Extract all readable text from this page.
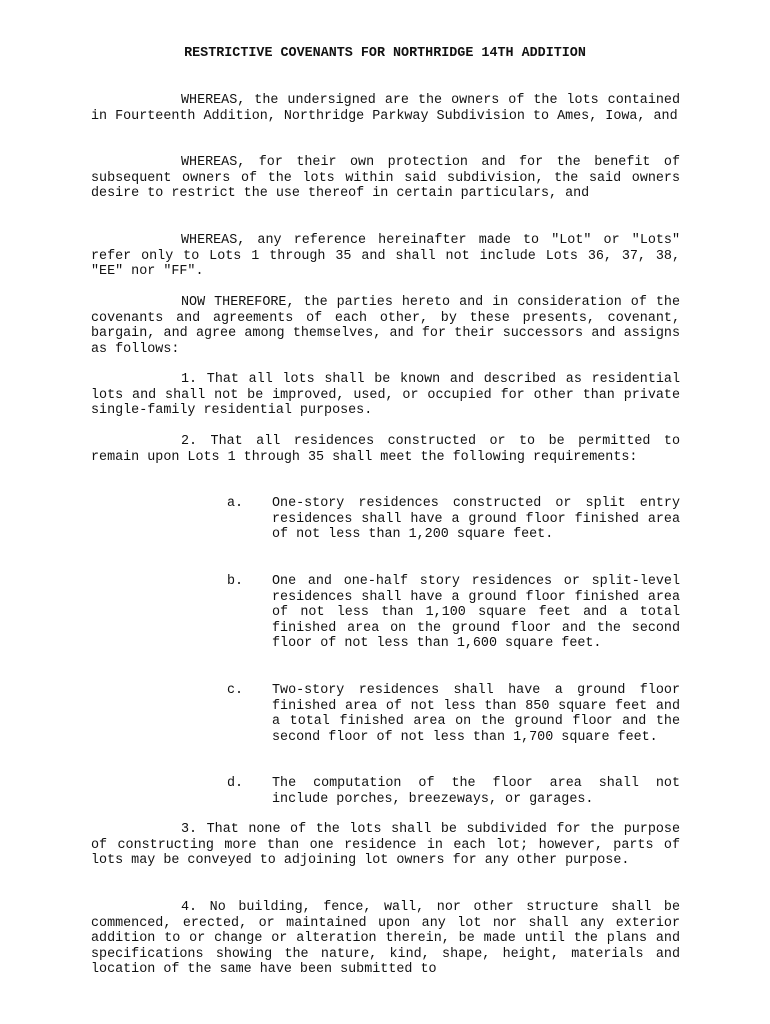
RESTRICTIVE COVENANTS FOR NORTHRIDGE 14TH ADDITION

WHEREAS, the undersigned are the owners of the lots contained in Fourteenth Addition, Northridge Parkway Subdivision to Ames, Iowa, and

WHEREAS, for their own protection and for the benefit of subsequent owners of the lots within said subdivision, the said owners desire to restrict the use thereof in certain particulars, and

WHEREAS, any reference hereinafter made to "Lot" or "Lots" refer only to Lots 1 through 35 and shall not include Lots 36, 37, 38, "EE" nor "FF".

NOW THEREFORE, the parties hereto and in consideration of the covenants and agreements of each other, by these presents, covenant, bargain, and agree among themselves, and for their successors and assigns as follows:

1. That all lots shall be known and described as residential lots and shall not be improved, used, or occupied for other than private single-family residential purposes.

2. That all residences constructed or to be permitted to remain upon Lots 1 through 35 shall meet the following requirements:

a. One-story residences constructed or split entry residences shall have a ground floor finished area of not less than 1,200 square feet.
b. One and one-half story residences or split-level residences shall have a ground floor finished area of not less than 1,100 square feet and a total finished area on the ground floor and the second floor of not less than 1,600 square feet.
c. Two-story residences shall have a ground floor finished area of not less than 850 square feet and a total finished area on the ground floor and the second floor of not less than 1,700 square feet.
d. The computation of the floor area shall not include porches, breezeways, or garages.

3. That none of the lots shall be subdivided for the purpose of constructing more than one residence in each lot; however, parts of lots may be conveyed to adjoining lot owners for any other purpose.

4. No building, fence, wall, nor other structure shall be commenced, erected, or maintained upon any lot nor shall any exterior addition to or change or alteration therein, be made until the plans and specifications showing the nature, kind, shape, height, materials and location of the same have been submitted to
